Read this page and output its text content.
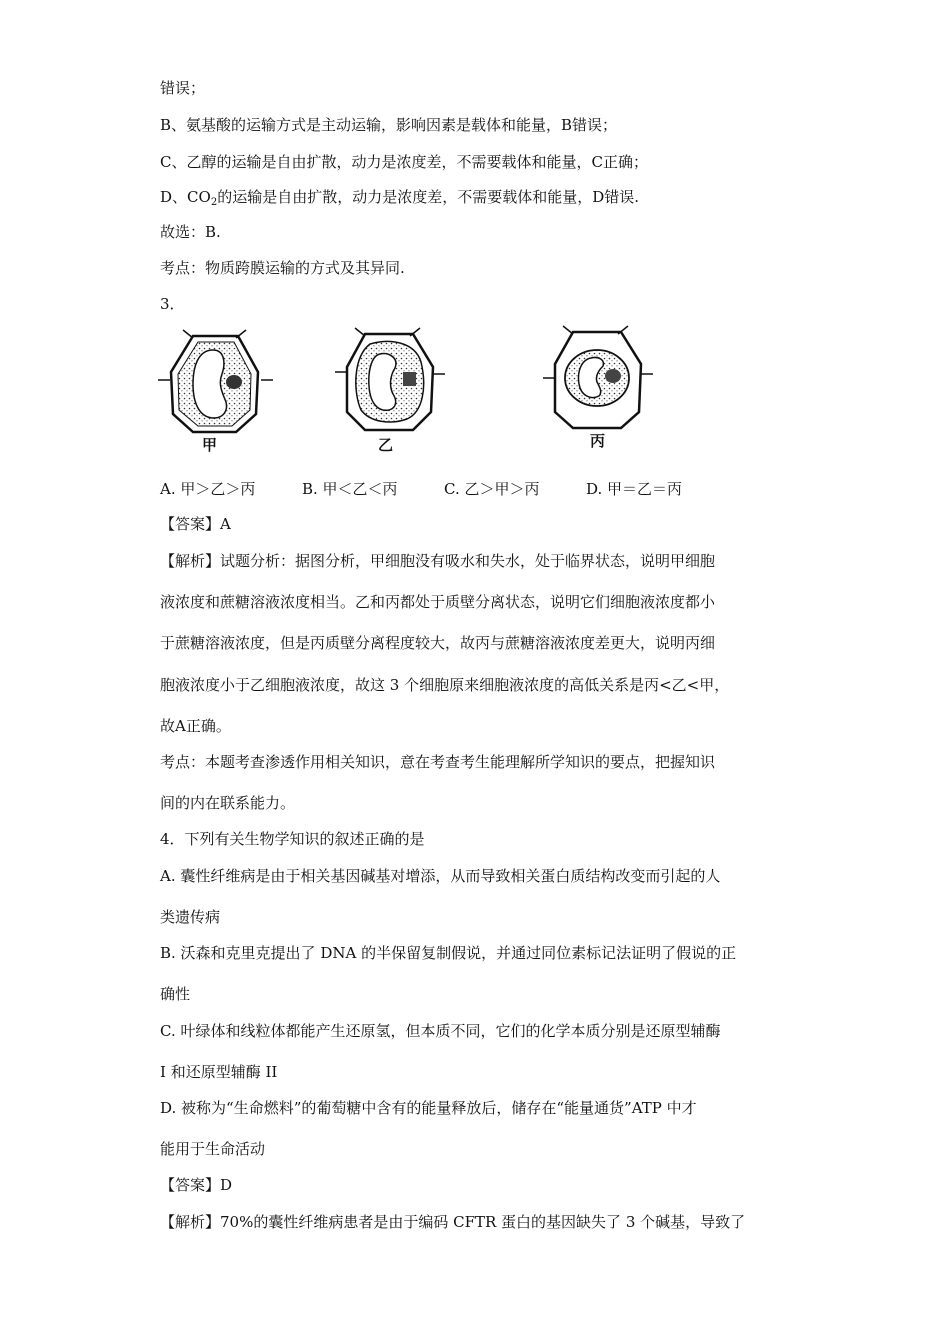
错误；
B、氨基酸的运输方式是主动运输，影响因素是载体和能量，B错误；
C、乙醇的运输是自由扩散，动力是浓度差，不需要载体和能量，C正确；
D、$CO_2$的运输是自由扩散，动力是浓度差，不需要载体和能量，D错误.
故选：B.
考点：物质跨膜运输的方式及其异同.
3．
甲	乙	丙
A. 甲＞乙＞丙	B. 甲＜乙＜丙	C. 乙＞甲＞丙	D. 甲＝乙＝丙
【答案】A
【解析】试题分析：据图分析，甲细胞没有吸水和失水，处于临界状态，说明甲细胞
液浓度和蔗糖溶液浓度相当。乙和丙都处于质壁分离状态，说明它们细胞液浓度都小
于蔗糖溶液浓度，但是丙质壁分离程度较大，故丙与蔗糖溶液浓度差更大，说明丙细
胞液浓度小于乙细胞液浓度，故这 3 个细胞原来细胞液浓度的高低关系是丙<乙<甲，
故A正确。
考点：本题考查渗透作用相关知识，意在考查考生能理解所学知识的要点，把握知识
间的内在联系能力。
4．下列有关生物学知识的叙述正确的是
A. 囊性纤维病是由于相关基因碱基对增添，从而导致相关蛋白质结构改变而引起的人
类遗传病
B. 沃森和克里克提出了 DNA 的半保留复制假说，并通过同位素标记法证明了假说的正
确性
C. 叶绿体和线粒体都能产生还原氢，但本质不同，它们的化学本质分别是还原型辅酶
I 和还原型辅酶 II
D. 被称为“生命燃料”的葡萄糖中含有的能量释放后，储存在“能量通货”ATP 中才
能用于生命活动
【答案】D
【解析】70%的囊性纤维病患者是由于编码 CFTR 蛋白的基因缺失了 3 个碱基，导致了
